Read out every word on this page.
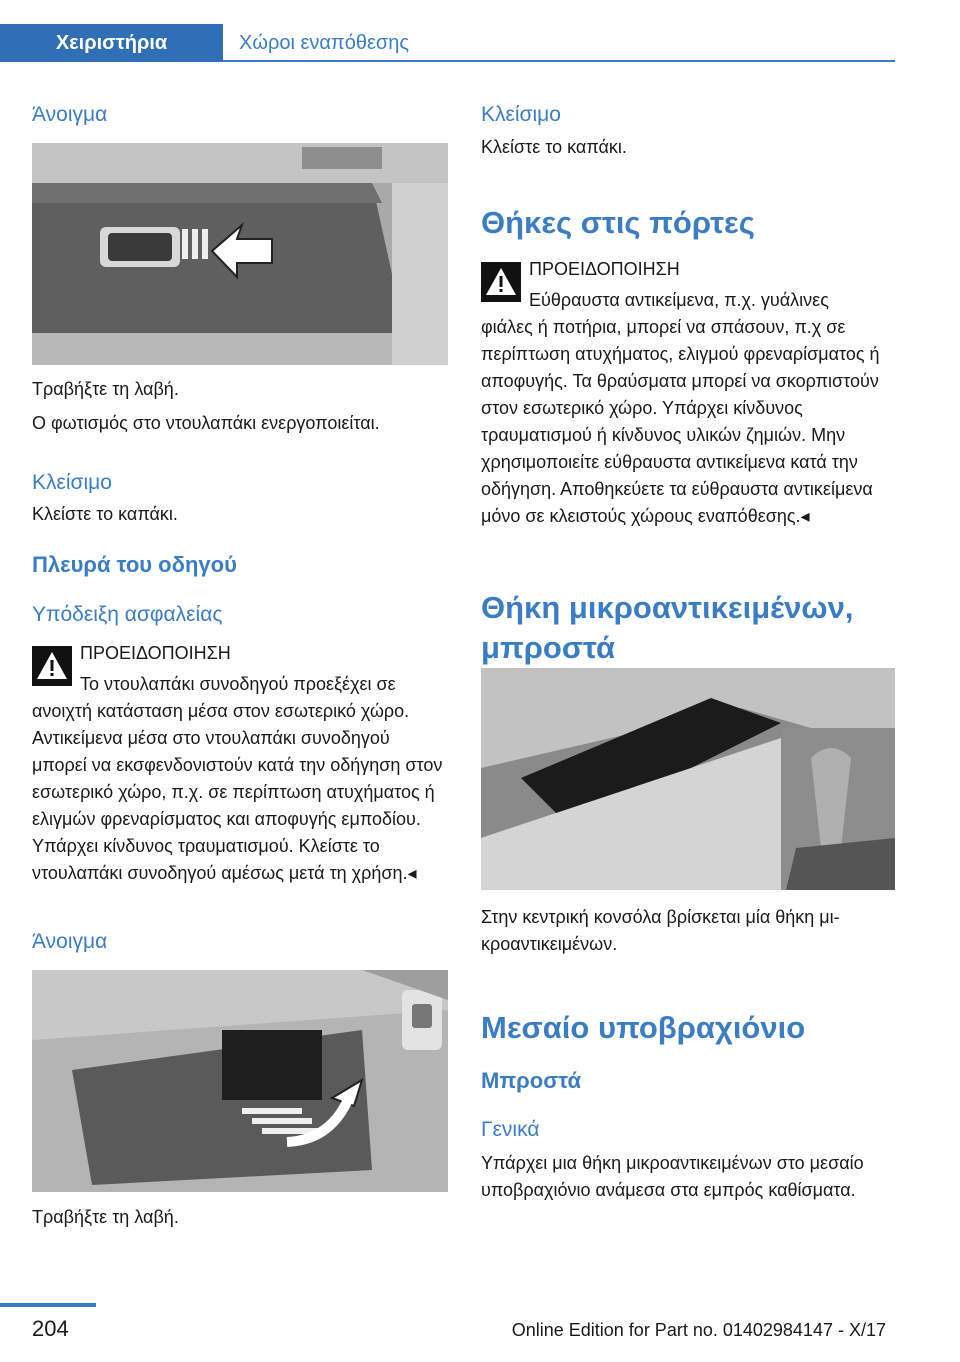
Χειριστήρια	Χώροι εναπόθεσης
Άνοιγμα

Τραβήξτε τη λαβή.

Ο φωτισμός στο ντουλαπάκι ενεργοποιείται.

Κλείσιμο

Κλείστε το καπάκι.

Πλευρά του οδηγού
Υπόδειξη ασφαλείας
ΠΡΟΕΙΔΟΠΟΙΗΣΗ
Το ντουλαπάκι συνοδηγού προεξέχει σε
ανοιχτή κατάσταση μέσα στον εσωτερικό χώρο. Αντικείμενα μέσα στο ντουλαπάκι συνοδηγού μπορεί να εκσφενδονιστούν κατά την οδήγηση στον εσωτερικό χώρο, π.χ. σε περίπτωση ατυχήματος ή ελιγμών φρεναρίσματος και αποφυγής εμποδίου. Υπάρχει κίνδυνος τραυματισμού. Κλείστε το ντουλαπάκι συνοδηγού αμέσως μετά τη χρήση.◂
Άνοιγμα

Τραβήξτε τη λαβή.

Κλείσιμο

Κλείστε το καπάκι.

Θήκες στις πόρτες
ΠΡΟΕΙΔΟΠΟΙΗΣΗ
Εύθραυστα αντικείμενα, π.χ. γυάλινες
φιάλες ή ποτήρια, μπορεί να σπάσουν, π.χ σε περίπτωση ατυχήματος, ελιγμού φρεναρίσματος ή αποφυγής. Τα θραύσματα μπορεί να σκορπιστούν στον εσωτερικό χώρο. Υπάρχει κίνδυνος τραυματισμού ή κίνδυνος υλικών ζημιών. Μην χρησιμοποιείτε εύθραυστα αντικείμενα κατά την οδήγηση. Αποθηκεύετε τα εύθραυστα αντικείμενα μόνο σε κλειστούς χώρους εναπόθεσης.◂
Θήκη μικροαντικειμένων, μπροστά

Στην κεντρική κονσόλα βρίσκεται μία θήκη μικροαντικειμένων.

Μεσαίο υποβραχιόνιο
Μπροστά
Γενικά

Υπάρχει μια θήκη μικροαντικειμένων στο μεσαίο υποβραχιόνιο ανάμεσα στα εμπρός καθίσματα.

204	Online Edition for Part no. 01402984147 - X/17
